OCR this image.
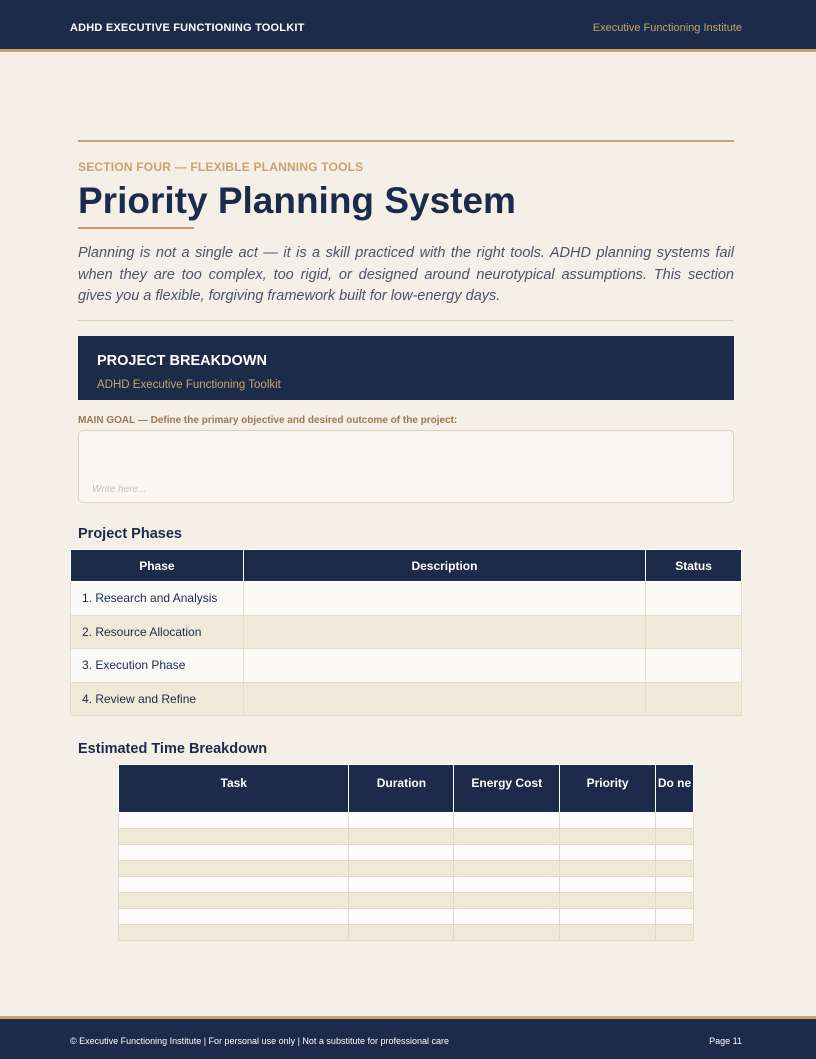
ADHD EXECUTIVE FUNCTIONING TOOLKIT	Executive Functioning Institute
SECTION FOUR — FLEXIBLE PLANNING TOOLS
Priority Planning System

Planning is not a single act — it is a skill practiced with the right tools. ADHD planning systems fail when they are too complex, too rigid, or designed around neurotypical assumptions. This section gives you a flexible, forgiving framework built for low-energy days.

PROJECT BREAKDOWN
ADHD Executive Functioning Toolkit
MAIN GOAL — Define the primary objective and desired outcome of the project:
Write here...
Project Phases
Phase	Description	Status
1. Research and Analysis		
2. Resource Allocation		
3. Execution Phase		
4. Review and Refine		
Estimated Time Breakdown
Task	Duration	Energy Cost	Priority	Do ne

© Executive Functioning Institute | For personal use only | Not a substitute for professional care	Page 11
